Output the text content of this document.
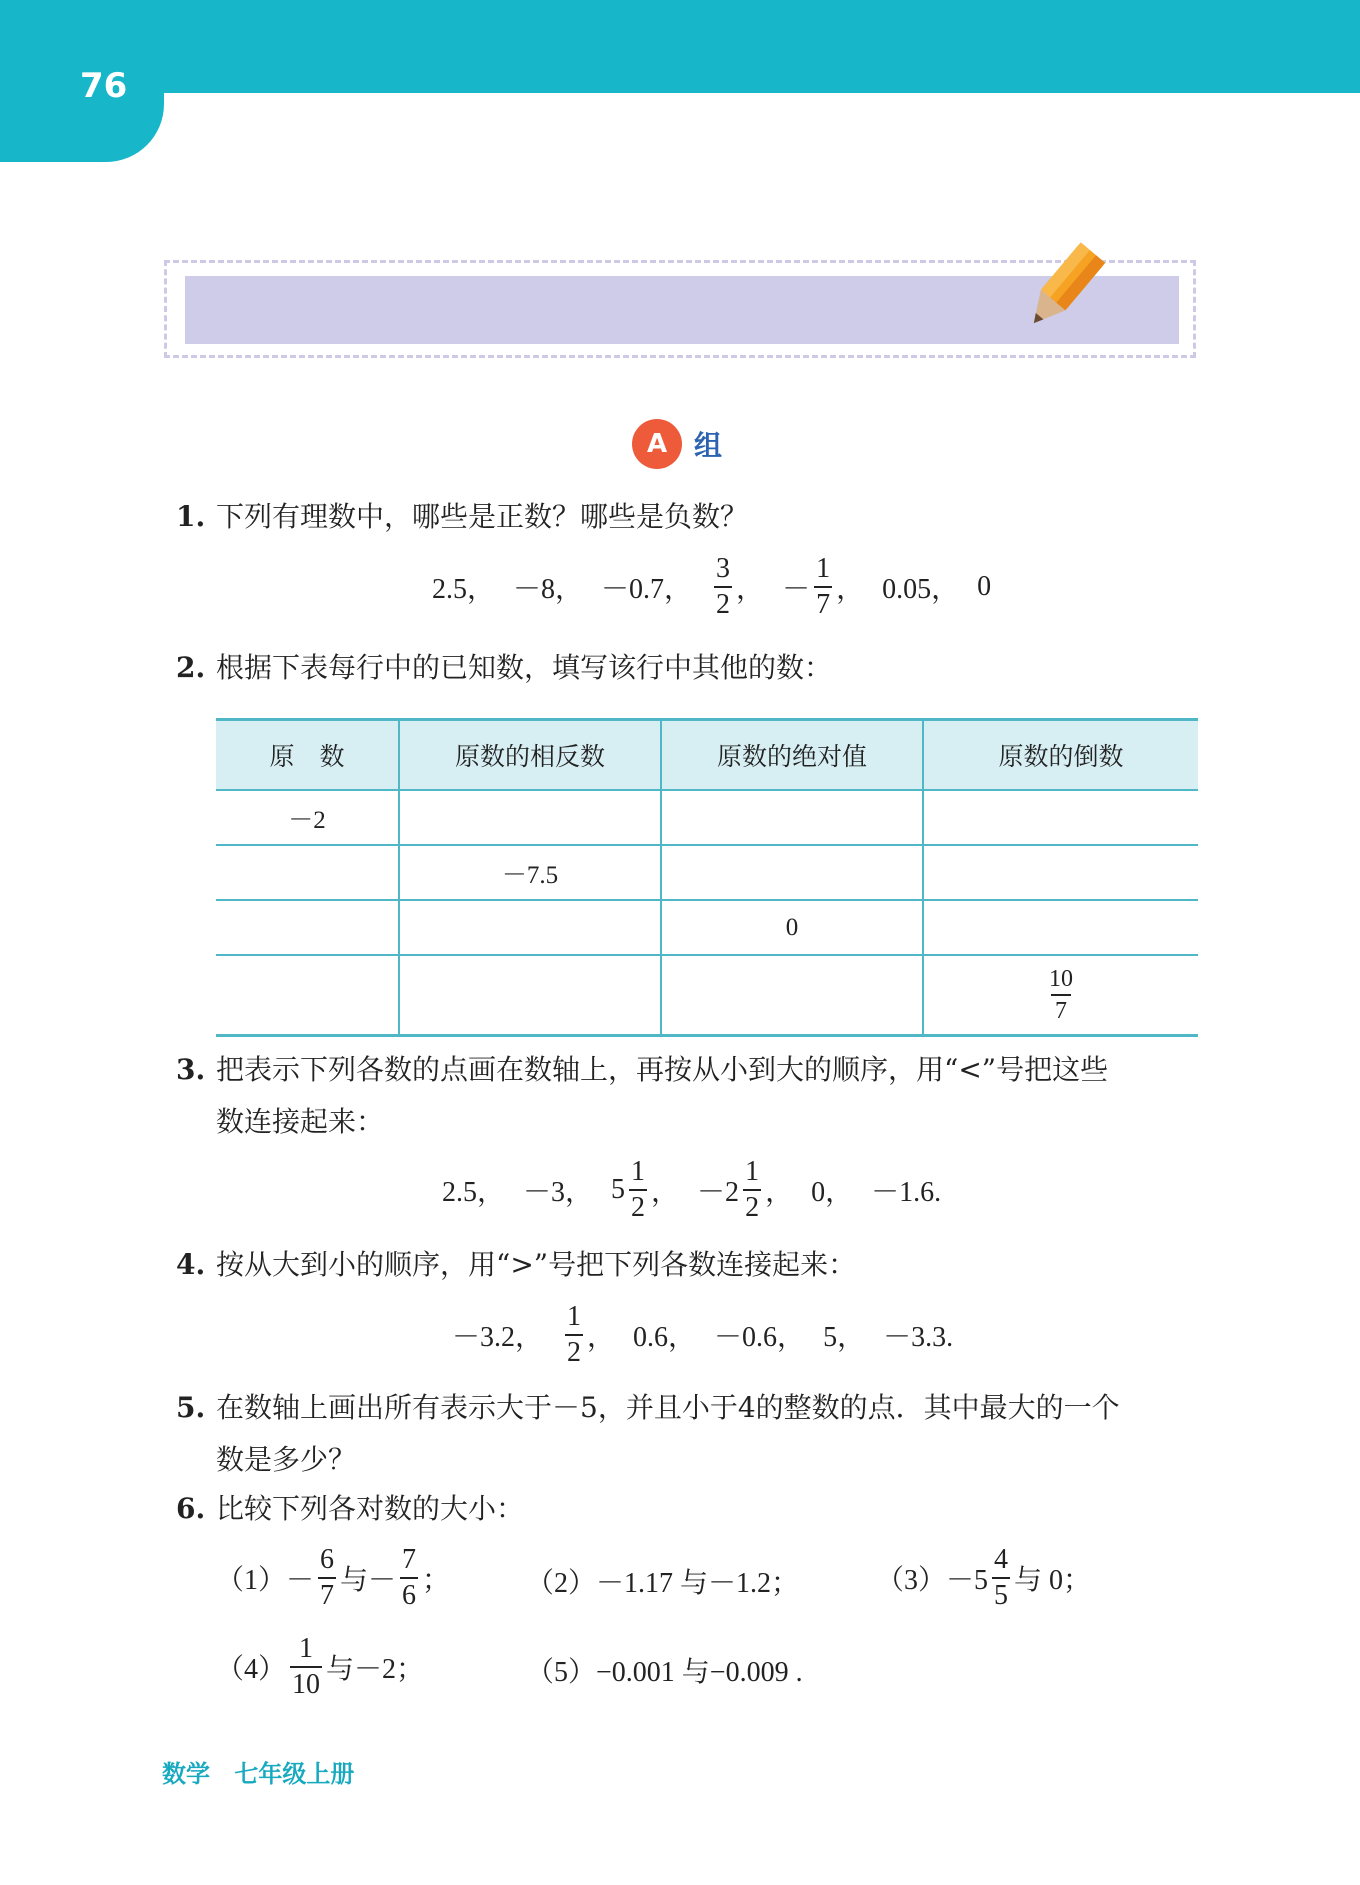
76
A 组
1. 下列有理数中，哪些是正数？哪些是负数？
2.5， －8， －0.7， $\frac{3}{2}$ ， － $\frac{1}{7}$ ， 0.05， 0
2. 根据下表每行中的已知数，填写该行中其他的数：
原　数	原数的相反数	原数的绝对值	原数的倒数
－2			
	－7.5		
		0	

			$\frac{10}{7}$
3. 把表示下列各数的点画在数轴上，再按从小到大的顺序，用“<”号把这些
数连接起来：
2.5， －3， $5 \frac{1}{2}$ ， $-2 \frac{1}{2}$ ， 0， －1.6.
4. 按从大到小的顺序，用“>”号把下列各数连接起来：
－3.2， $\frac{1}{2}$ ， 0.6， －0.6， 5， －3.3.
5. 在数轴上画出所有表示大于－5，并且小于4的整数的点．其中最大的一个
数是多少？
6. 比较下列各对数的大小：
$(1) - \frac{6}{7}$ 与－ $\frac{7}{6}$ ；	（2） －1.17 与－1.2；	$(3) -5 \frac{4}{5}$ 与 0；
$(4) \frac{1}{10}$ 与－2；	（5） −0.001 与−0.009 .
数学 七年级上册
